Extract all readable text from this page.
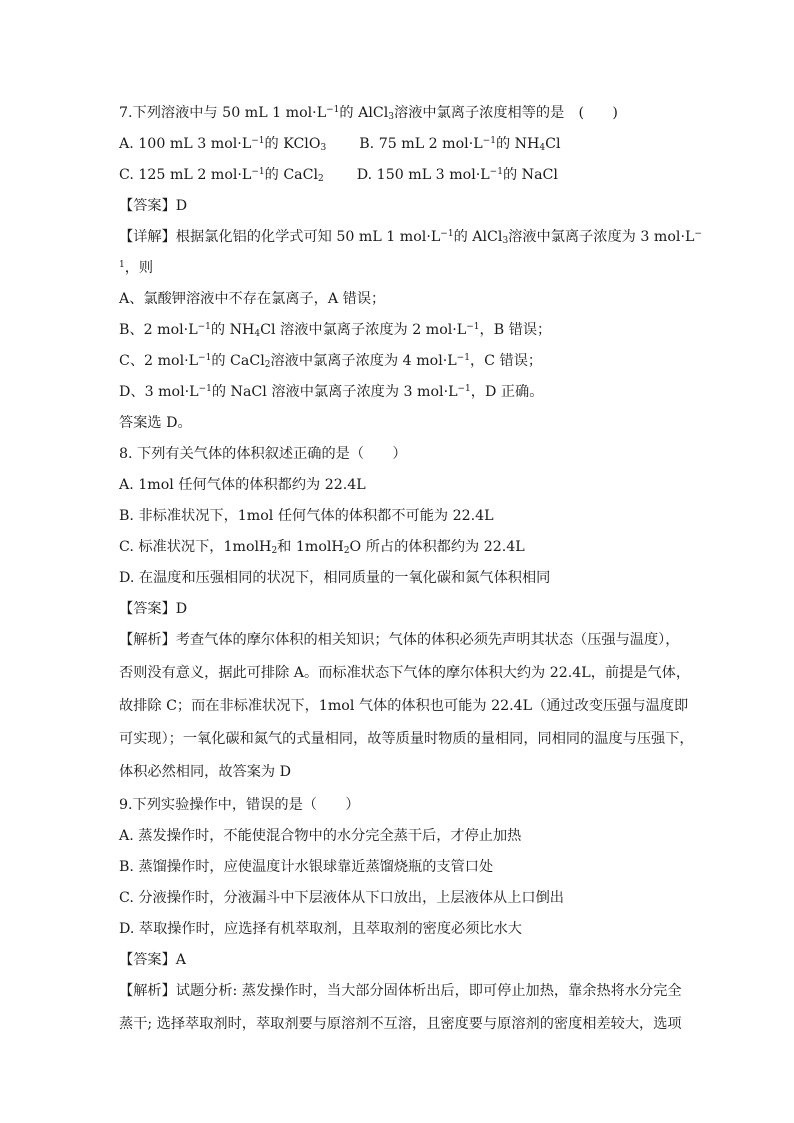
7.下列溶液中与 50 mL 1 $mol\cdot L^{-1}$的 AlCl$_3$溶液中氯离子浓度相等的是　(　　)
A. 100 mL 3 $mol\cdot L^{-1}$的 KClO$_3$ B. 75 mL 2 $mol\cdot L^{-1}$的 $NH_4Cl$
C. 125 mL 2 $mol\cdot L^{-1}$的 CaCl$_2$ D. 150 mL 3 $mol\cdot L^{-1}$的 NaCl
【答案】D
【详解】根据氯化铝的化学式可知 50 mL 1 $mol\cdot L^{-1}$的 AlCl$_3$溶液中氯离子浓度为 3 mol·L−
$^1$，则
A、氯酸钾溶液中不存在氯离子，A 错误；
B、2 $mol\cdot L^{-1}$的 $NH_4Cl$ 溶液中氯离子浓度为 2 $mol\cdot L^{-1}$，B 错误；
C、2 $mol\cdot L^{-1}$的 CaCl$_2$溶液中氯离子浓度为 4 $mol\cdot L^{-1}$，C 错误；
D、3 $mol\cdot L^{-1}$的 NaCl 溶液中氯离子浓度为 3 $mol\cdot L^{-1}$，D 正确。
答案选 D。
8. 下列有关气体的体积叙述正确的是（　　）
A. 1mol 任何气体的体积都约为 22.4L
B. 非标准状况下，1mol 任何气体的体积都不可能为 22.4L
C. 标准状况下，1molH$_2$和 1molH$_2$O 所占的体积都约为 22.4L
D. 在温度和压强相同的状况下，相同质量的一氧化碳和氮气体积相同
【答案】D
【解析】考查气体的摩尔体积的相关知识；气体的体积必须先声明其状态（压强与温度），
否则没有意义，据此可排除 A。而标准状态下气体的摩尔体积大约为 22.4L，前提是气体，
故排除 C；而在非标准状况下，1mol 气体的体积也可能为 22.4L（通过改变压强与温度即
可实现）；一氧化碳和氮气的式量相同，故等质量时物质的量相同，同相同的温度与压强下，
体积必然相同，故答案为 D
9.下列实验操作中，错误的是（　　）
A. 蒸发操作时，不能使混合物中的水分完全蒸干后，才停止加热
B. 蒸馏操作时，应使温度计水银球靠近蒸馏烧瓶的支管口处
C. 分液操作时，分液漏斗中下层液体从下口放出，上层液体从上口倒出
D. 萃取操作时，应选择有机萃取剂，且萃取剂的密度必须比水大
【答案】A
【解析】试题分析: 蒸发操作时，当大部分固体析出后，即可停止加热，靠余热将水分完全
蒸干; 选择萃取剂时，萃取剂要与原溶剂不互溶，且密度要与原溶剂的密度相差较大，选项
